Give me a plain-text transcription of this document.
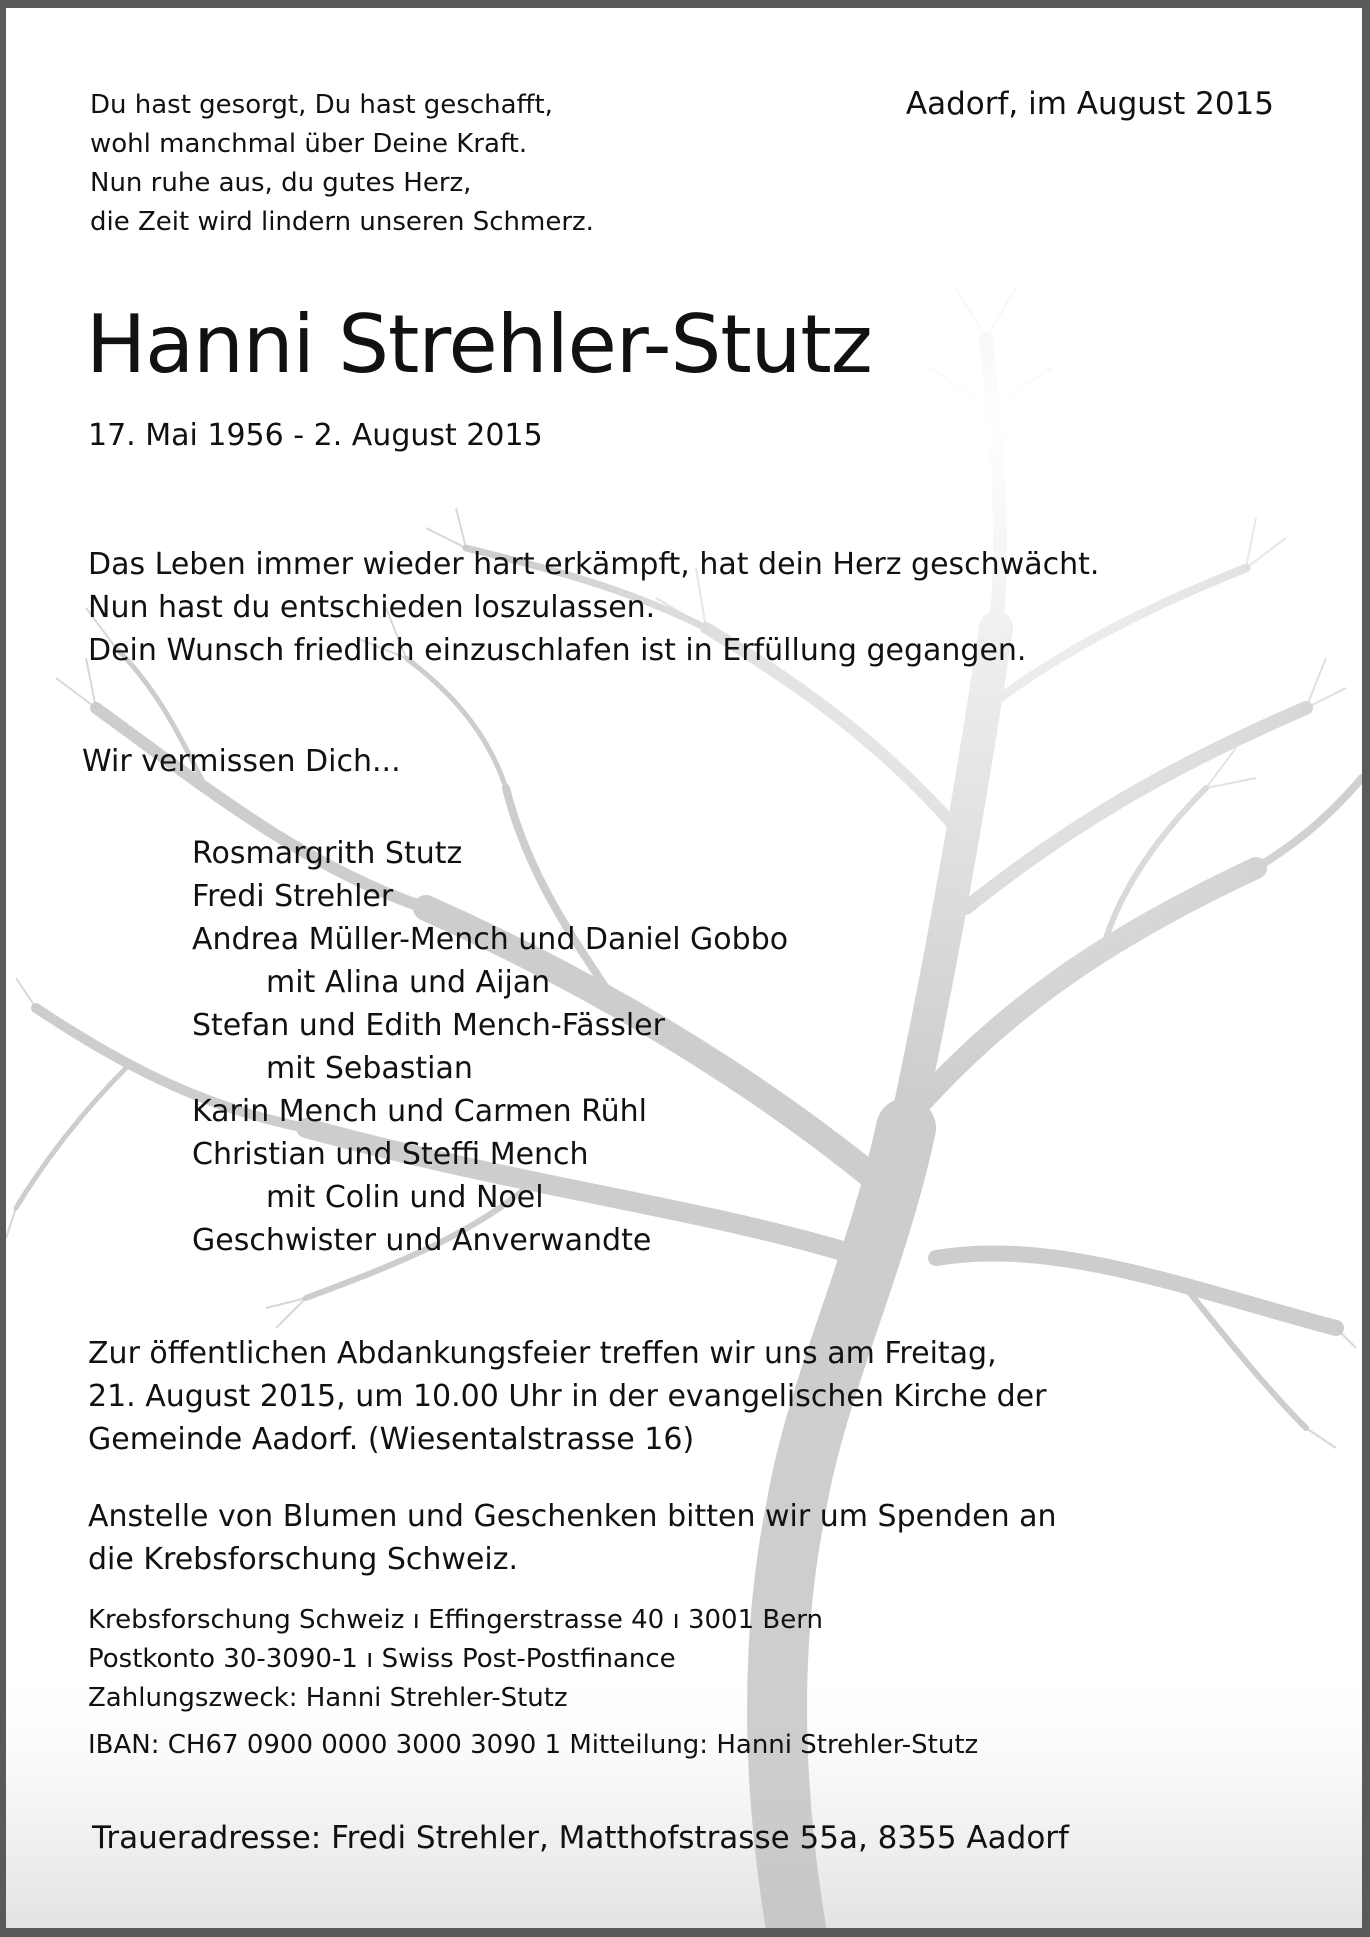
Du hast gesorgt, Du hast geschafft,
wohl manchmal über Deine Kraft.
Nun ruhe aus, du gutes Herz,
die Zeit wird lindern unseren Schmerz.
Aadorf, im August 2015
Hanni Strehler-Stutz
17. Mai 1956 - 2. August 2015
Das Leben immer wieder hart erkämpft, hat dein Herz geschwächt.
Nun hast du entschieden loszulassen.
Dein Wunsch friedlich einzuschlafen ist in Erfüllung gegangen.
Wir vermissen Dich...
Rosmargrith Stutz
Fredi Strehler
Andrea Müller-Mench und Daniel Gobbo
mit Alina und Aijan
Stefan und Edith Mench-Fässler
mit Sebastian
Karin Mench und Carmen Rühl
Christian und Steffi Mench
mit Colin und Noel
Geschwister und Anverwandte
Zur öffentlichen Abdankungsfeier treffen wir uns am Freitag,
21. August 2015, um 10.00 Uhr in der evangelischen Kirche der
Gemeinde Aadorf. (Wiesentalstrasse 16)
Anstelle von Blumen und Geschenken bitten wir um Spenden an
die Krebsforschung Schweiz.
Krebsforschung Schweiz ı Effingerstrasse 40 ı 3001 Bern
Postkonto 30-3090-1 ı Swiss Post-Postfinance
Zahlungszweck: Hanni Strehler-Stutz
IBAN: CH67 0900 0000 3000 3090 1 Mitteilung: Hanni Strehler-Stutz
Traueradresse: Fredi Strehler, Matthofstrasse 55a, 8355 Aadorf
